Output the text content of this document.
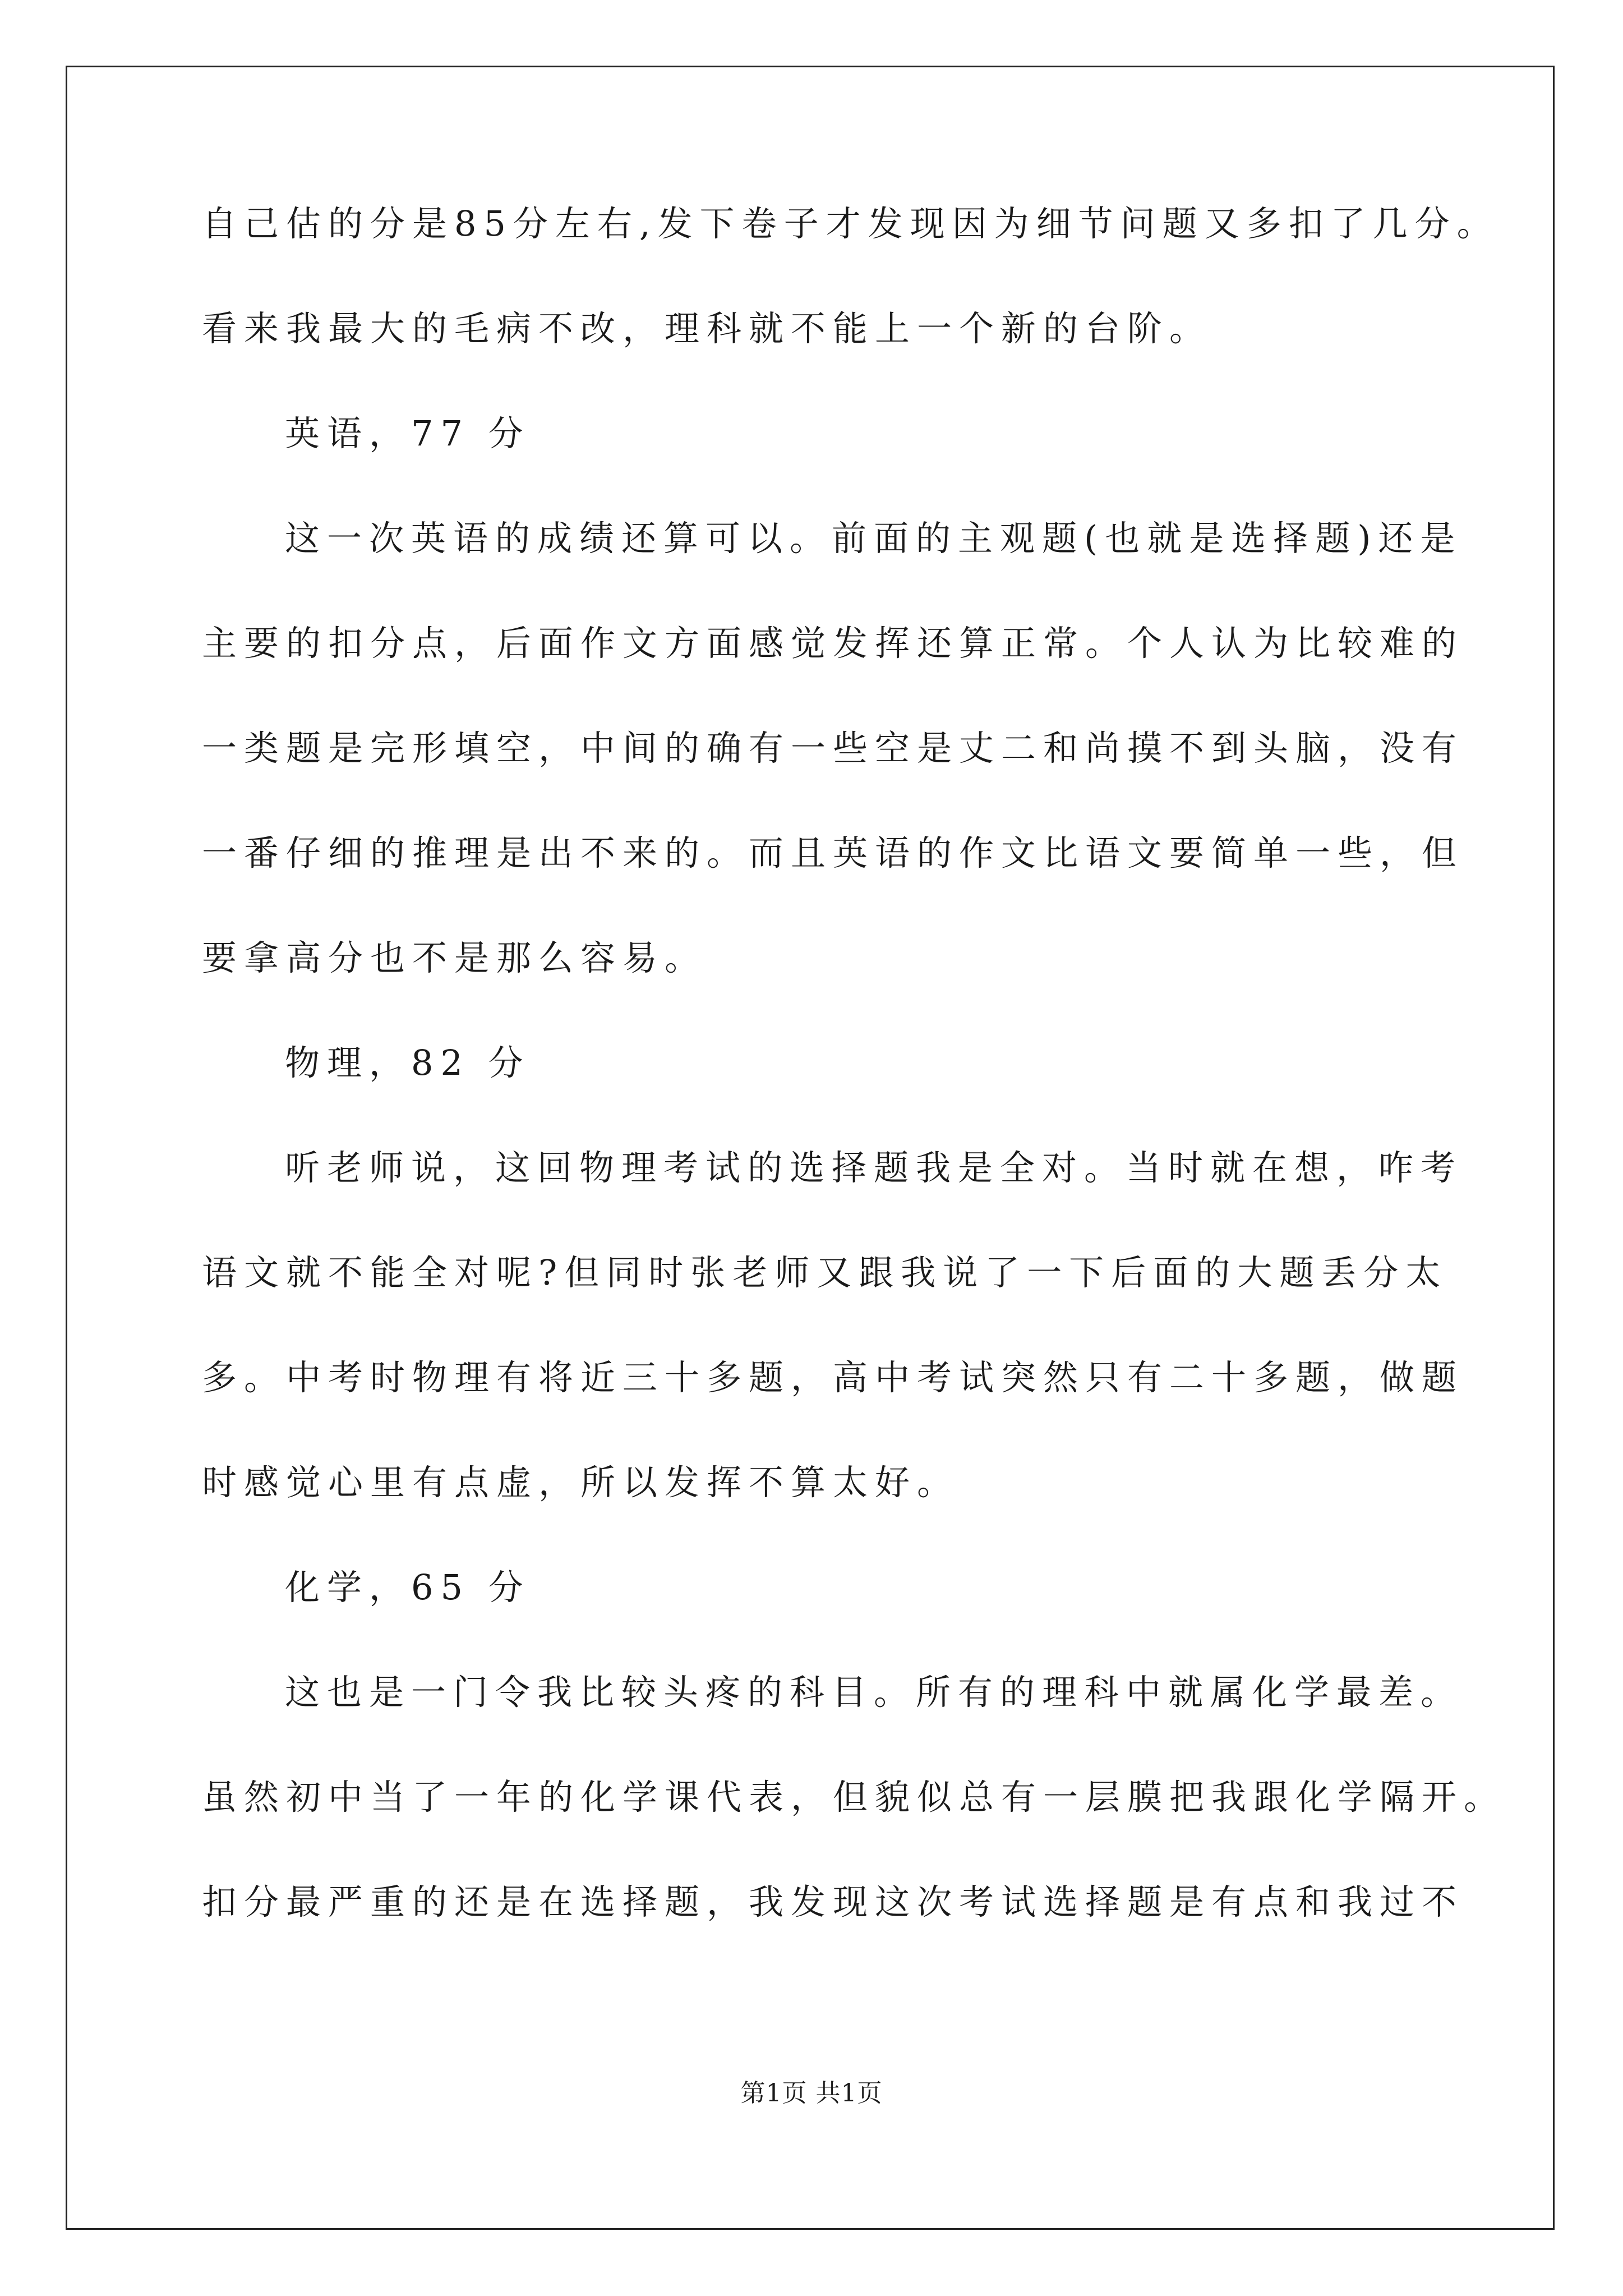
自己估的分是85分左右,发下卷子才发现因为细节问题又多扣了几分。
看来我最大的毛病不改，理科就不能上一个新的台阶。
英语，77 分
这一次英语的成绩还算可以。前面的主观题(也就是选择题)还是
主要的扣分点，后面作文方面感觉发挥还算正常。个人认为比较难的
一类题是完形填空，中间的确有一些空是丈二和尚摸不到头脑，没有
一番仔细的推理是出不来的。而且英语的作文比语文要简单一些，但
要拿高分也不是那么容易。
物理，82 分
听老师说，这回物理考试的选择题我是全对。当时就在想，咋考
语文就不能全对呢?但同时张老师又跟我说了一下后面的大题丢分太
多。中考时物理有将近三十多题，高中考试突然只有二十多题，做题
时感觉心里有点虚，所以发挥不算太好。
化学，65 分
这也是一门令我比较头疼的科目。所有的理科中就属化学最差。
虽然初中当了一年的化学课代表，但貌似总有一层膜把我跟化学隔开。
扣分最严重的还是在选择题，我发现这次考试选择题是有点和我过不
第1页 共1页
